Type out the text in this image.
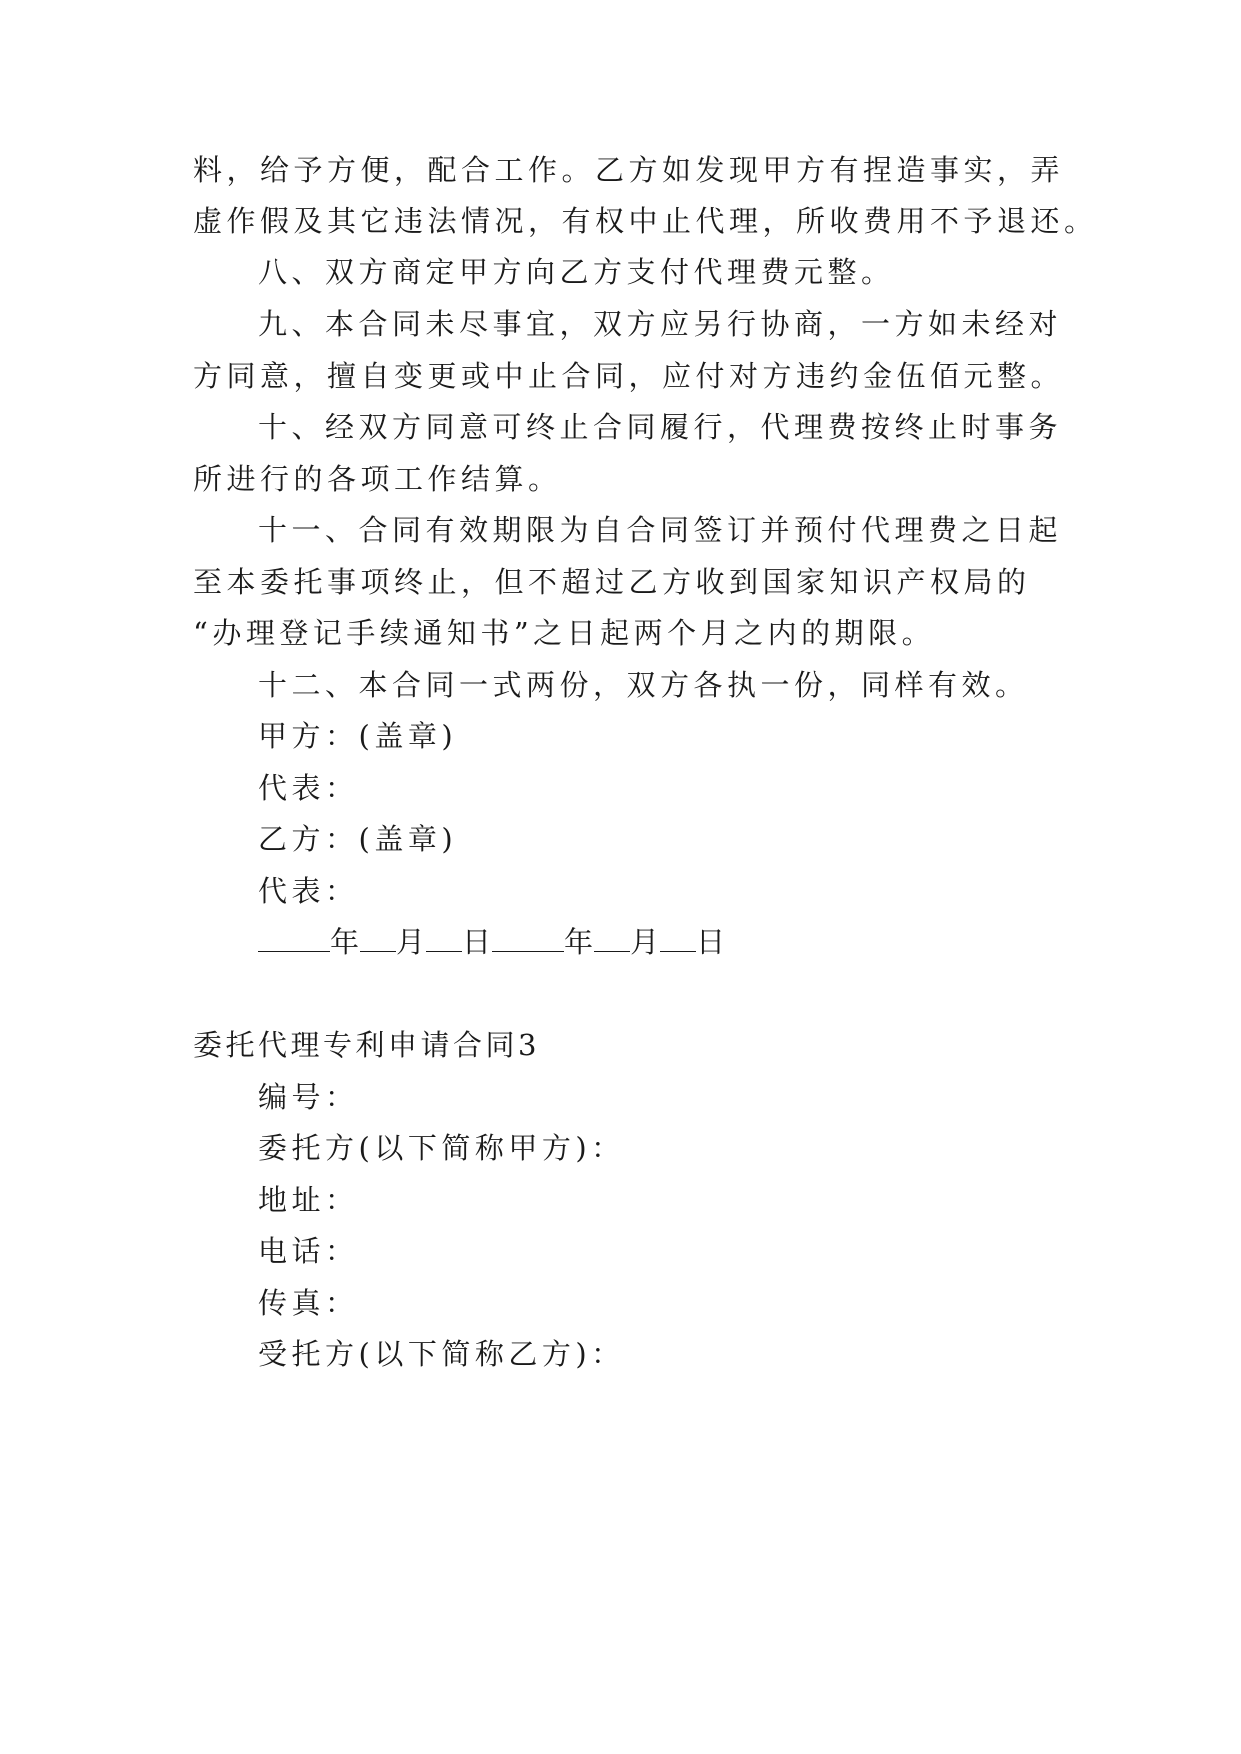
料，给予方便，配合工作。乙方如发现甲方有捏造事实，弄
虚作假及其它违法情况，有权中止代理，所收费用不予退还。
八、双方商定甲方向乙方支付代理费元整。
九、本合同未尽事宜，双方应另行协商，一方如未经对
方同意，擅自变更或中止合同，应付对方违约金伍佰元整。
十、经双方同意可终止合同履行，代理费按终止时事务
所进行的各项工作结算。
十一、合同有效期限为自合同签订并预付代理费之日起
至本委托事项终止，但不超过乙方收到国家知识产权局的
“办理登记手续通知书”之日起两个月之内的期限。
十二、本合同一式两份，双方各执一份，同样有效。
甲方：(盖章)
代表：
乙方：(盖章)
代表：
年 月 日 年 月 日
委托代理专利申请合同3
编号：
委托方(以下简称甲方)：
地址：
电话：
传真：
受托方(以下简称乙方)：
